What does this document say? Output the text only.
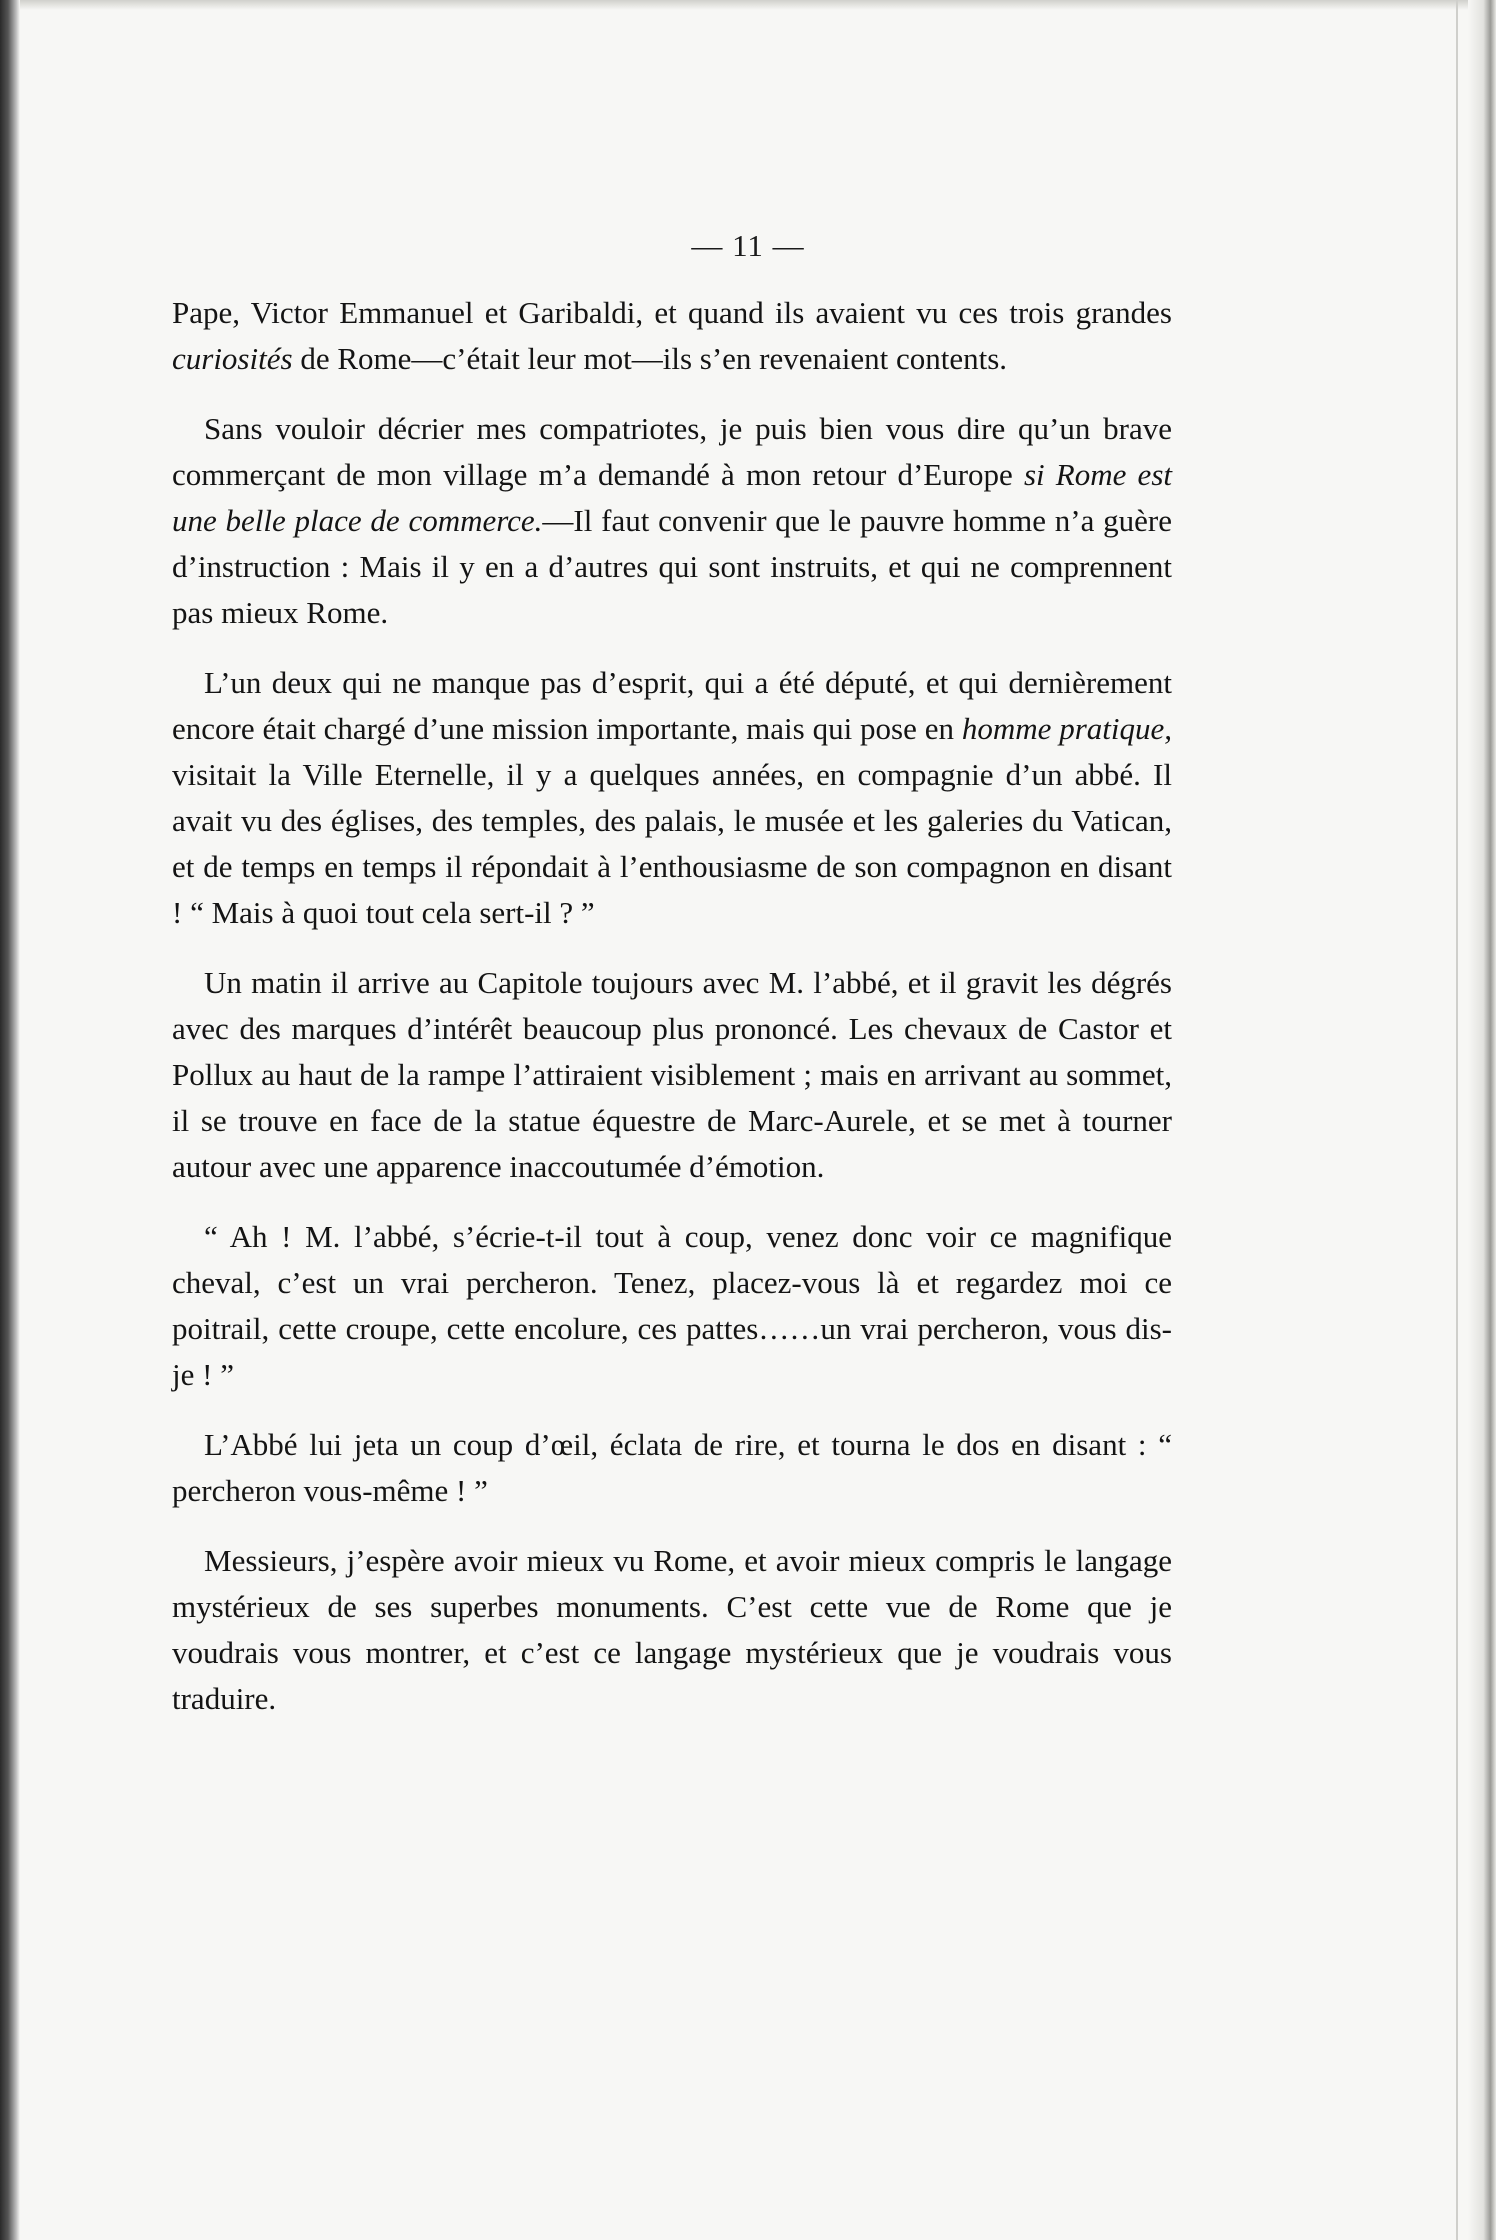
— 11 —

Pape, Victor Emmanuel et Garibaldi, et quand ils avaient vu ces trois grandes curiosités de Rome—c’était leur mot—ils s’en revenaient contents.

Sans vouloir décrier mes compatriotes, je puis bien vous dire qu’un brave commerçant de mon village m’a demandé à mon retour d’Europe si Rome est une belle place de commerce.—Il faut convenir que le pauvre homme n’a guère d’instruction : Mais il y en a d’autres qui sont instruits, et qui ne comprennent pas mieux Rome.

L’un deux qui ne manque pas d’esprit, qui a été député, et qui dernièrement encore était chargé d’une mission importante, mais qui pose en homme pratique, visitait la Ville Eternelle, il y a quelques années, en compagnie d’un abbé. Il avait vu des églises, des temples, des palais, le musée et les galeries du Vatican, et de temps en temps il répondait à l’enthousiasme de son compagnon en disant ! “ Mais à quoi tout cela sert-il ? ”

Un matin il arrive au Capitole toujours avec M. l’abbé, et il gravit les dégrés avec des marques d’intérêt beaucoup plus prononcé. Les chevaux de Castor et Pollux au haut de la rampe l’attiraient visiblement ; mais en arrivant au sommet, il se trouve en face de la statue équestre de Marc-Aurele, et se met à tourner autour avec une apparence inaccoutumée d’émotion.

“ Ah ! M. l’abbé, s’écrie-t-il tout à coup, venez donc voir ce magnifique cheval, c’est un vrai percheron. Tenez, placez-vous là et regardez moi ce poitrail, cette croupe, cette encolure, ces pattes……un vrai percheron, vous dis-je ! ”

L’Abbé lui jeta un coup d’œil, éclata de rire, et tourna le dos en disant : “ percheron vous-même ! ”

Messieurs, j’espère avoir mieux vu Rome, et avoir mieux compris le langage mystérieux de ses superbes monuments. C’est cette vue de Rome que je voudrais vous montrer, et c’est ce langage mystérieux que je voudrais vous traduire.
